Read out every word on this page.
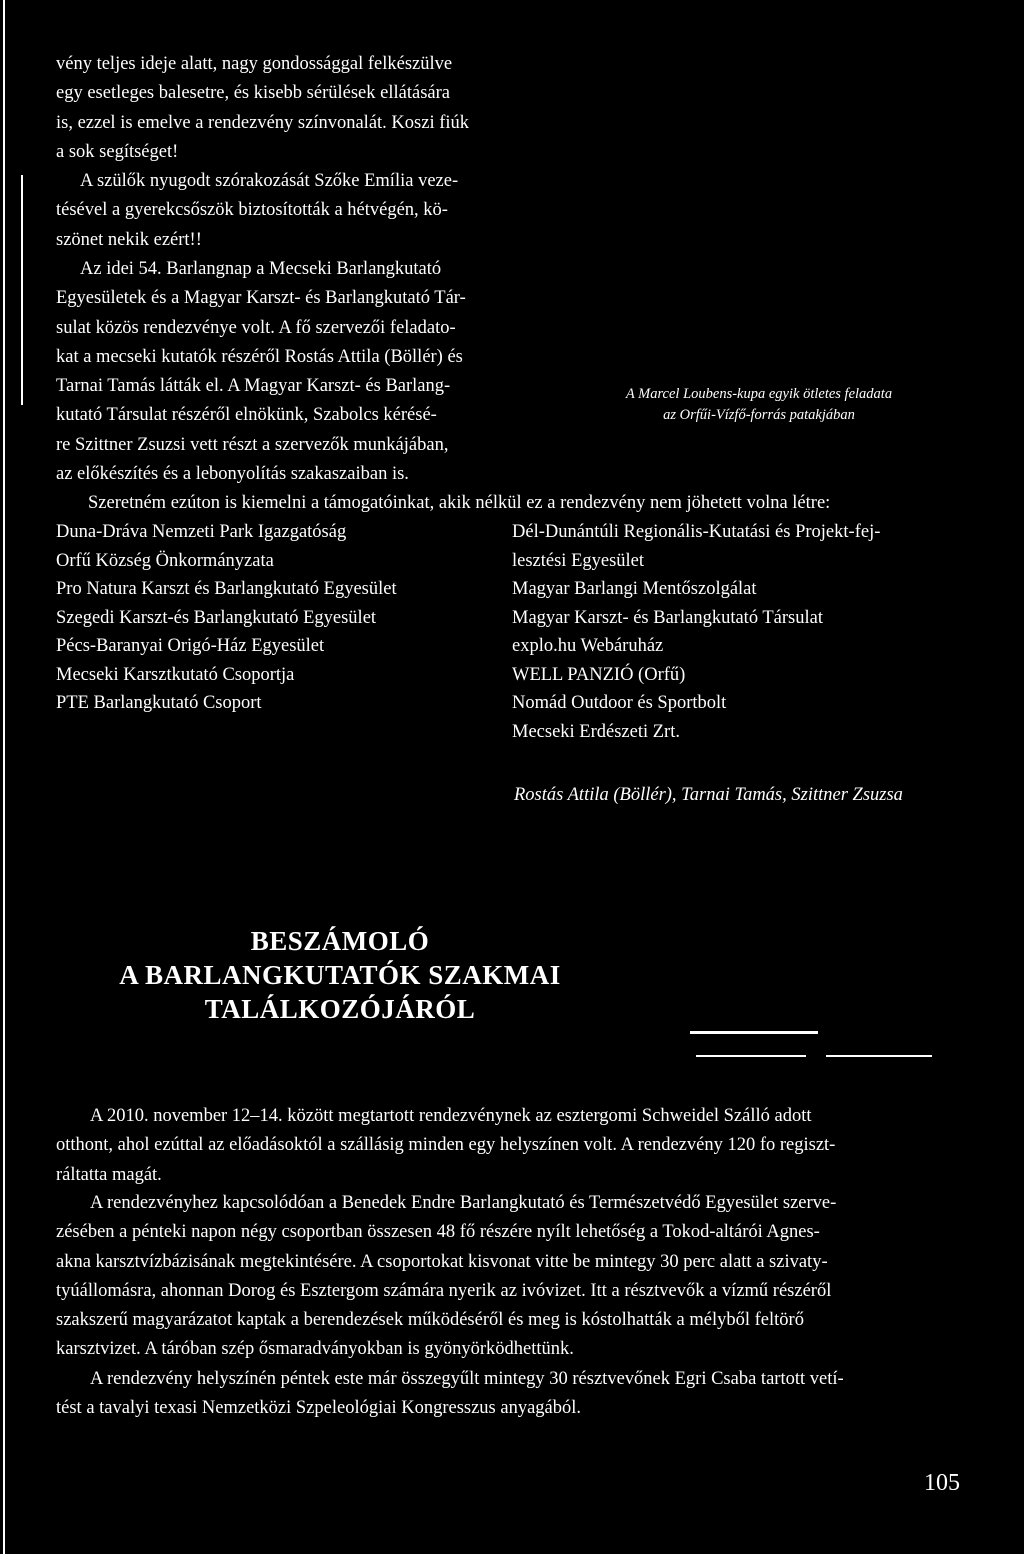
vény teljes ideje alatt, nagy gondossággal felkészülve
egy esetleges balesetre, és kisebb sérülések ellátására
is, ezzel is emelve a rendezvény színvonalát. Koszi fiúk
a sok segítséget!

A szülők nyugodt szórakozását Szőke Emília veze-
tésével a gyerekcsőszök biztosították a hétvégén, kö-
szönet nekik ezért!!

Az idei 54. Barlangnap a Mecseki Barlangkutató
Egyesületek és a Magyar Karszt- és Barlangkutató Tár-
sulat közös rendezvénye volt. A fő szervezői feladato-
kat a mecseki kutatók részéről Rostás Attila (Böllér) és
Tarnai Tamás látták el. A Magyar Karszt- és Barlang-
kutató Társulat részéről elnökünk, Szabolcs kérésé-
re Szittner Zsuzsi vett részt a szervezők munkájában,
az előkészítés és a lebonyolítás szakaszaiban is.

A Marcel Loubens-kupa egyik ötletes feladata
az Orfűi-Vízfő-forrás patakjában
Szeretném ezúton is kiemelni a támogatóinkat, akik nélkül ez a rendezvény nem jöhetett volna létre:
Duna-Dráva Nemzeti Park Igazgatóság
Orfű Község Önkormányzata
Pro Natura Karszt és Barlangkutató Egyesület
Szegedi Karszt-és Barlangkutató Egyesület
Pécs-Baranyai Origó-Ház Egyesület
Mecseki Karsztkutató Csoportja
PTE Barlangkutató Csoport
Dél-Dunántúli Regionális-Kutatási és Projekt-fej-
lesztési Egyesület
Magyar Barlangi Mentőszolgálat
Magyar Karszt- és Barlangkutató Társulat
explo.hu Webáruház
WELL PANZIÓ (Orfű)
Nomád Outdoor és Sportbolt
Mecseki Erdészeti Zrt.
Rostás Attila (Böllér), Tarnai Tamás, Szittner Zsuzsa
BESZÁMOLÓ
A BARLANGKUTATÓK SZAKMAI
TALÁLKOZÓJÁRÓL

A 2010. november 12–14. között megtartott rendezvénynek az esztergomi Schweidel Szálló adott
otthont, ahol ezúttal az előadásoktól a szállásig minden egy helyszínen volt. A rendezvény 120 fo regiszt-
ráltatta magát.

A rendezvényhez kapcsolódóan a Benedek Endre Barlangkutató és Természetvédő Egyesület szerve-
zésében a pénteki napon négy csoportban összesen 48 fő részére nyílt lehetőség a Tokod-altárói Agnes-
akna karsztvízbázisának megtekintésére. A csoportokat kisvonat vitte be mintegy 30 perc alatt a szivaty-
tyúállomásra, ahonnan Dorog és Esztergom számára nyerik az ivóvizet. Itt a résztvevők a vízmű részéről
szakszerű magyarázatot kaptak a berendezések működéséről és meg is kóstolhatták a mélyből feltörő
karsztvizet. A táróban szép ősmaradványokban is gyönyörködhettünk.

A rendezvény helyszínén péntek este már összegyűlt mintegy 30 résztvevőnek Egri Csaba tartott vetí-
tést a tavalyi texasi Nemzetközi Szpeleológiai Kongresszus anyagából.

105
